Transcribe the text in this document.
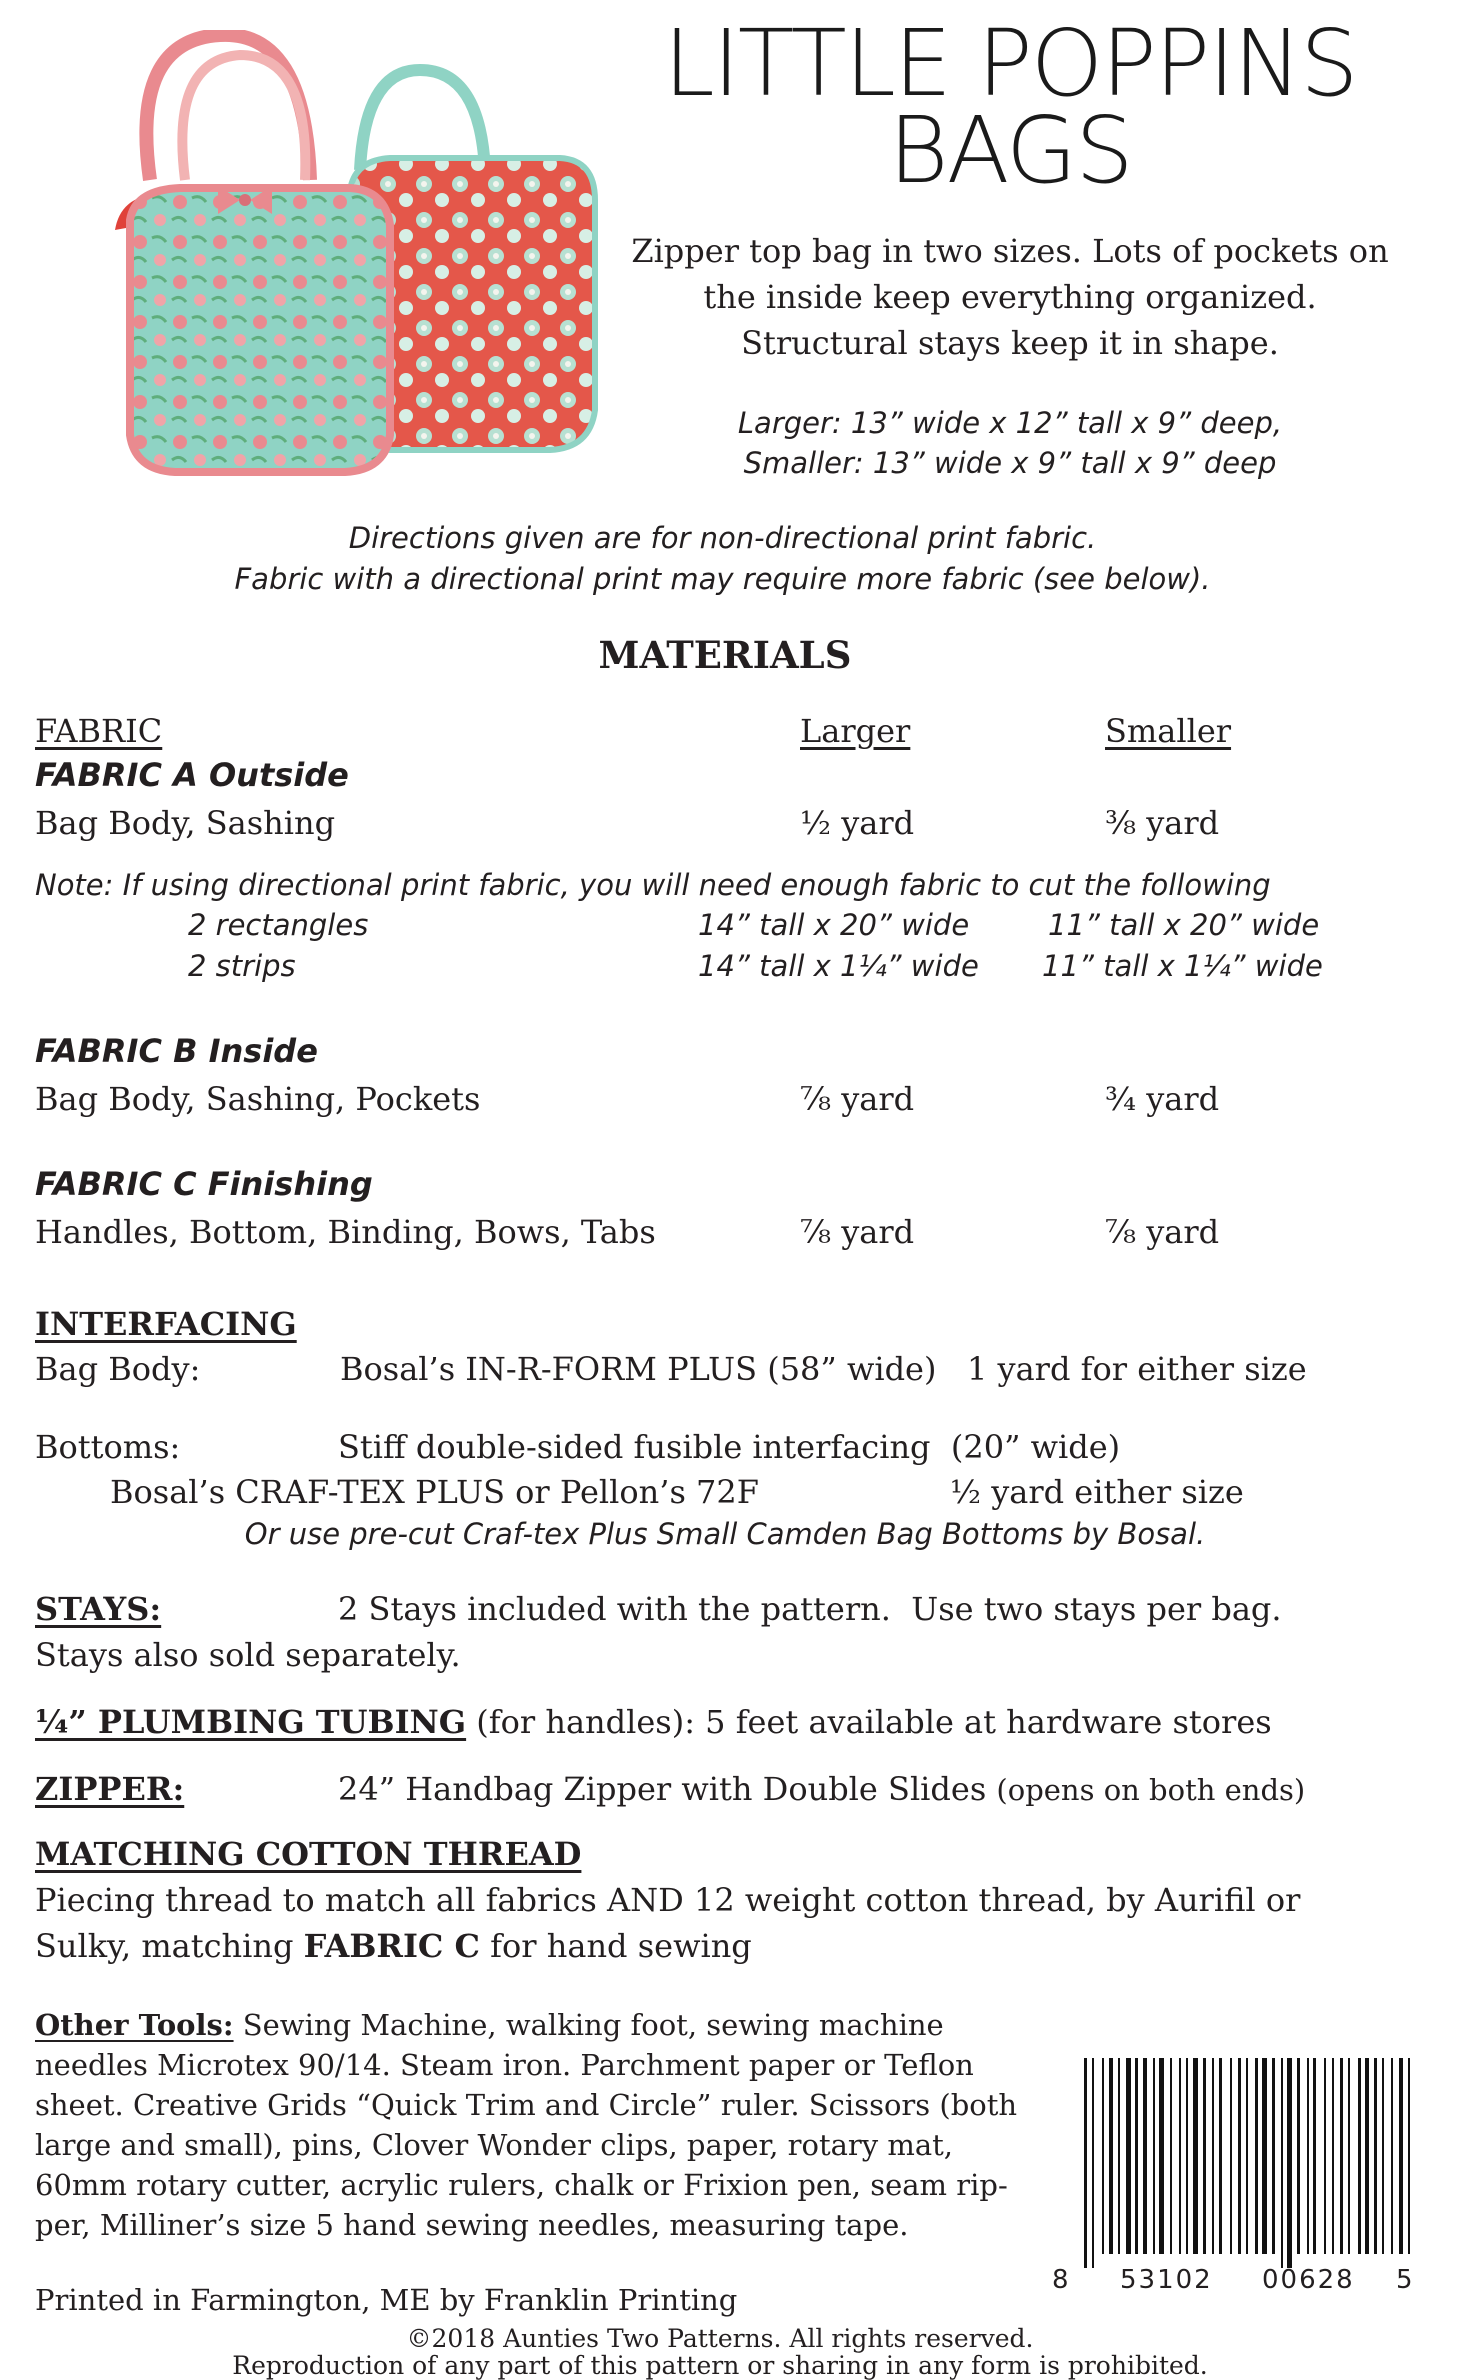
LITTLE POPPINS
BAGS
Zipper top bag in two sizes. Lots of pockets on
the inside keep everything organized.
Structural stays keep it in shape.
Larger: 13” wide x 12” tall x 9” deep,
Smaller: 13” wide x 9” tall x 9” deep
Directions given are for non-directional print fabric.
Fabric with a directional print may require more fabric (see below).
MATERIALS
FABRIC	Larger	Smaller
FABRIC A Outside
Bag Body, Sashing	½ yard	⅜ yard
Note: If using directional print fabric, you will need enough fabric to cut the following
2 rectangles	14” tall x 20” wide	11” tall x 20” wide
2 strips	14” tall x 1¼” wide 11” tall x 1¼” wide
FABRIC B Inside
Bag Body, Sashing, Pockets	⅞ yard	¾ yard
FABRIC C Finishing
Handles, Bottom, Binding, Bows, Tabs	⅞ yard	⅞ yard
INTERFACING
Bag Body:	Bosal’s IN-R-FORM PLUS (58” wide)   1 yard for either size
Bottoms:	Stiff double-sided fusible interfacing  (20” wide)
Bosal’s CRAF-TEX PLUS or Pellon’s 72F	½ yard either size
Or use pre-cut Craf-tex Plus Small Camden Bag Bottoms by Bosal.
STAYS:	2 Stays included with the pattern.  Use two stays per bag.
Stays also sold separately.
¼” PLUMBING TUBING (for handles): 5 feet available at hardware stores
ZIPPER:	24” Handbag Zipper with Double Slides (opens on both ends)
MATCHING COTTON THREAD
Piecing thread to match all fabrics AND 12 weight cotton thread, by Aurifil or
Sulky, matching FABRIC C for hand sewing
Other Tools: Sewing Machine, walking foot, sewing machine
needles Microtex 90/14. Steam iron. Parchment paper or Teflon
sheet. Creative Grids “Quick Trim and Circle” ruler. Scissors (both
large and small), pins, Clover Wonder clips, paper, rotary mat,
60mm rotary cutter, acrylic rulers, chalk or Frixion pen, seam rip-
per, Milliner’s size 5 hand sewing needles, measuring tape.
8 53102 00628 5
Printed in Farmington, ME by Franklin Printing
©2018 Aunties Two Patterns. All rights reserved.
Reproduction of any part of this pattern or sharing in any form is prohibited.
